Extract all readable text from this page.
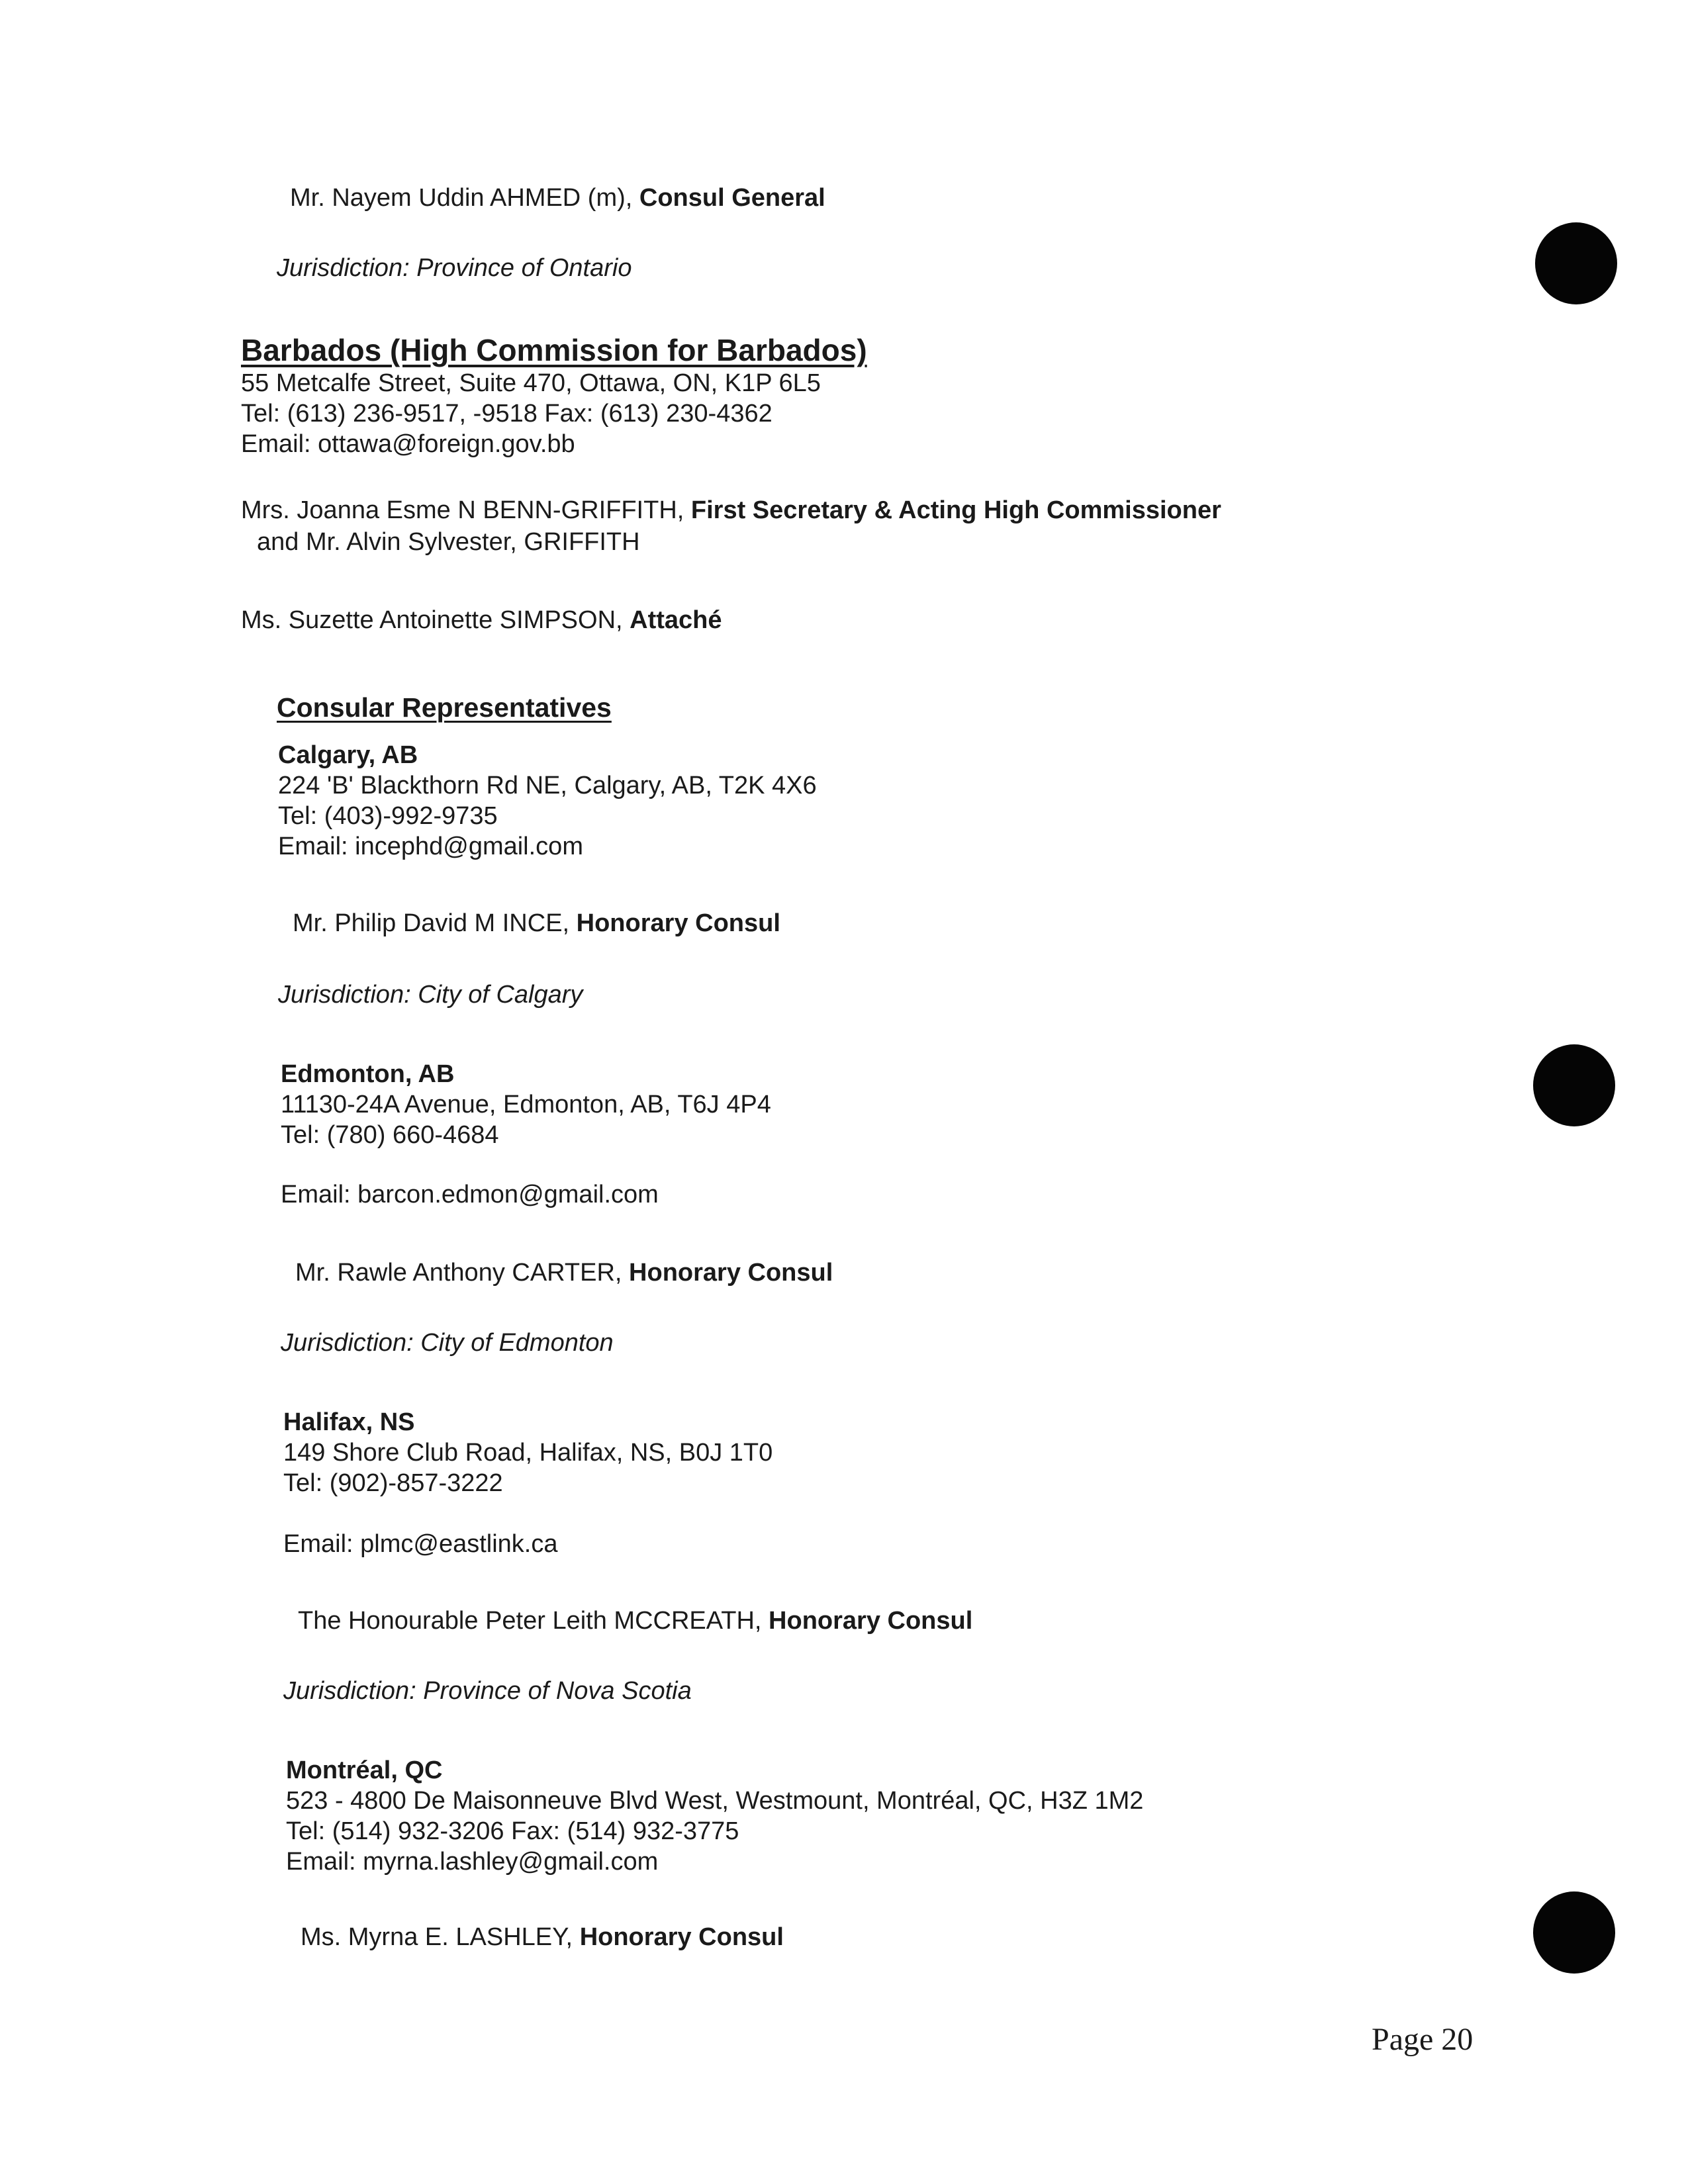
Mr. Nayem Uddin AHMED (m), Consul General
Jurisdiction: Province of Ontario
Barbados (High Commission for Barbados)
55 Metcalfe Street, Suite 470, Ottawa, ON, K1P 6L5
Tel: (613) 236-9517, -9518 Fax: (613) 230-4362
Email: ottawa@foreign.gov.bb
Mrs. Joanna Esme N BENN-GRIFFITH, First Secretary & Acting High Commissioner
and Mr. Alvin Sylvester, GRIFFITH
Ms. Suzette Antoinette SIMPSON, Attaché
Consular Representatives
Calgary, AB
224 'B' Blackthorn Rd NE, Calgary, AB, T2K 4X6
Tel: (403)-992-9735
Email: incephd@gmail.com
Mr. Philip David M INCE, Honorary Consul
Jurisdiction: City of Calgary
Edmonton, AB
11130-24A Avenue, Edmonton, AB, T6J 4P4
Tel: (780) 660-4684
Email: barcon.edmon@gmail.com
Mr. Rawle Anthony CARTER, Honorary Consul
Jurisdiction: City of Edmonton
Halifax, NS
149 Shore Club Road, Halifax, NS, B0J 1T0
Tel: (902)-857-3222
Email: plmc@eastlink.ca
The Honourable Peter Leith MCCREATH, Honorary Consul
Jurisdiction: Province of Nova Scotia
Montréal, QC
523 - 4800 De Maisonneuve Blvd West, Westmount, Montréal, QC, H3Z 1M2
Tel: (514) 932-3206 Fax: (514) 932-3775
Email: myrna.lashley@gmail.com
Ms. Myrna E. LASHLEY, Honorary Consul
Page 20
